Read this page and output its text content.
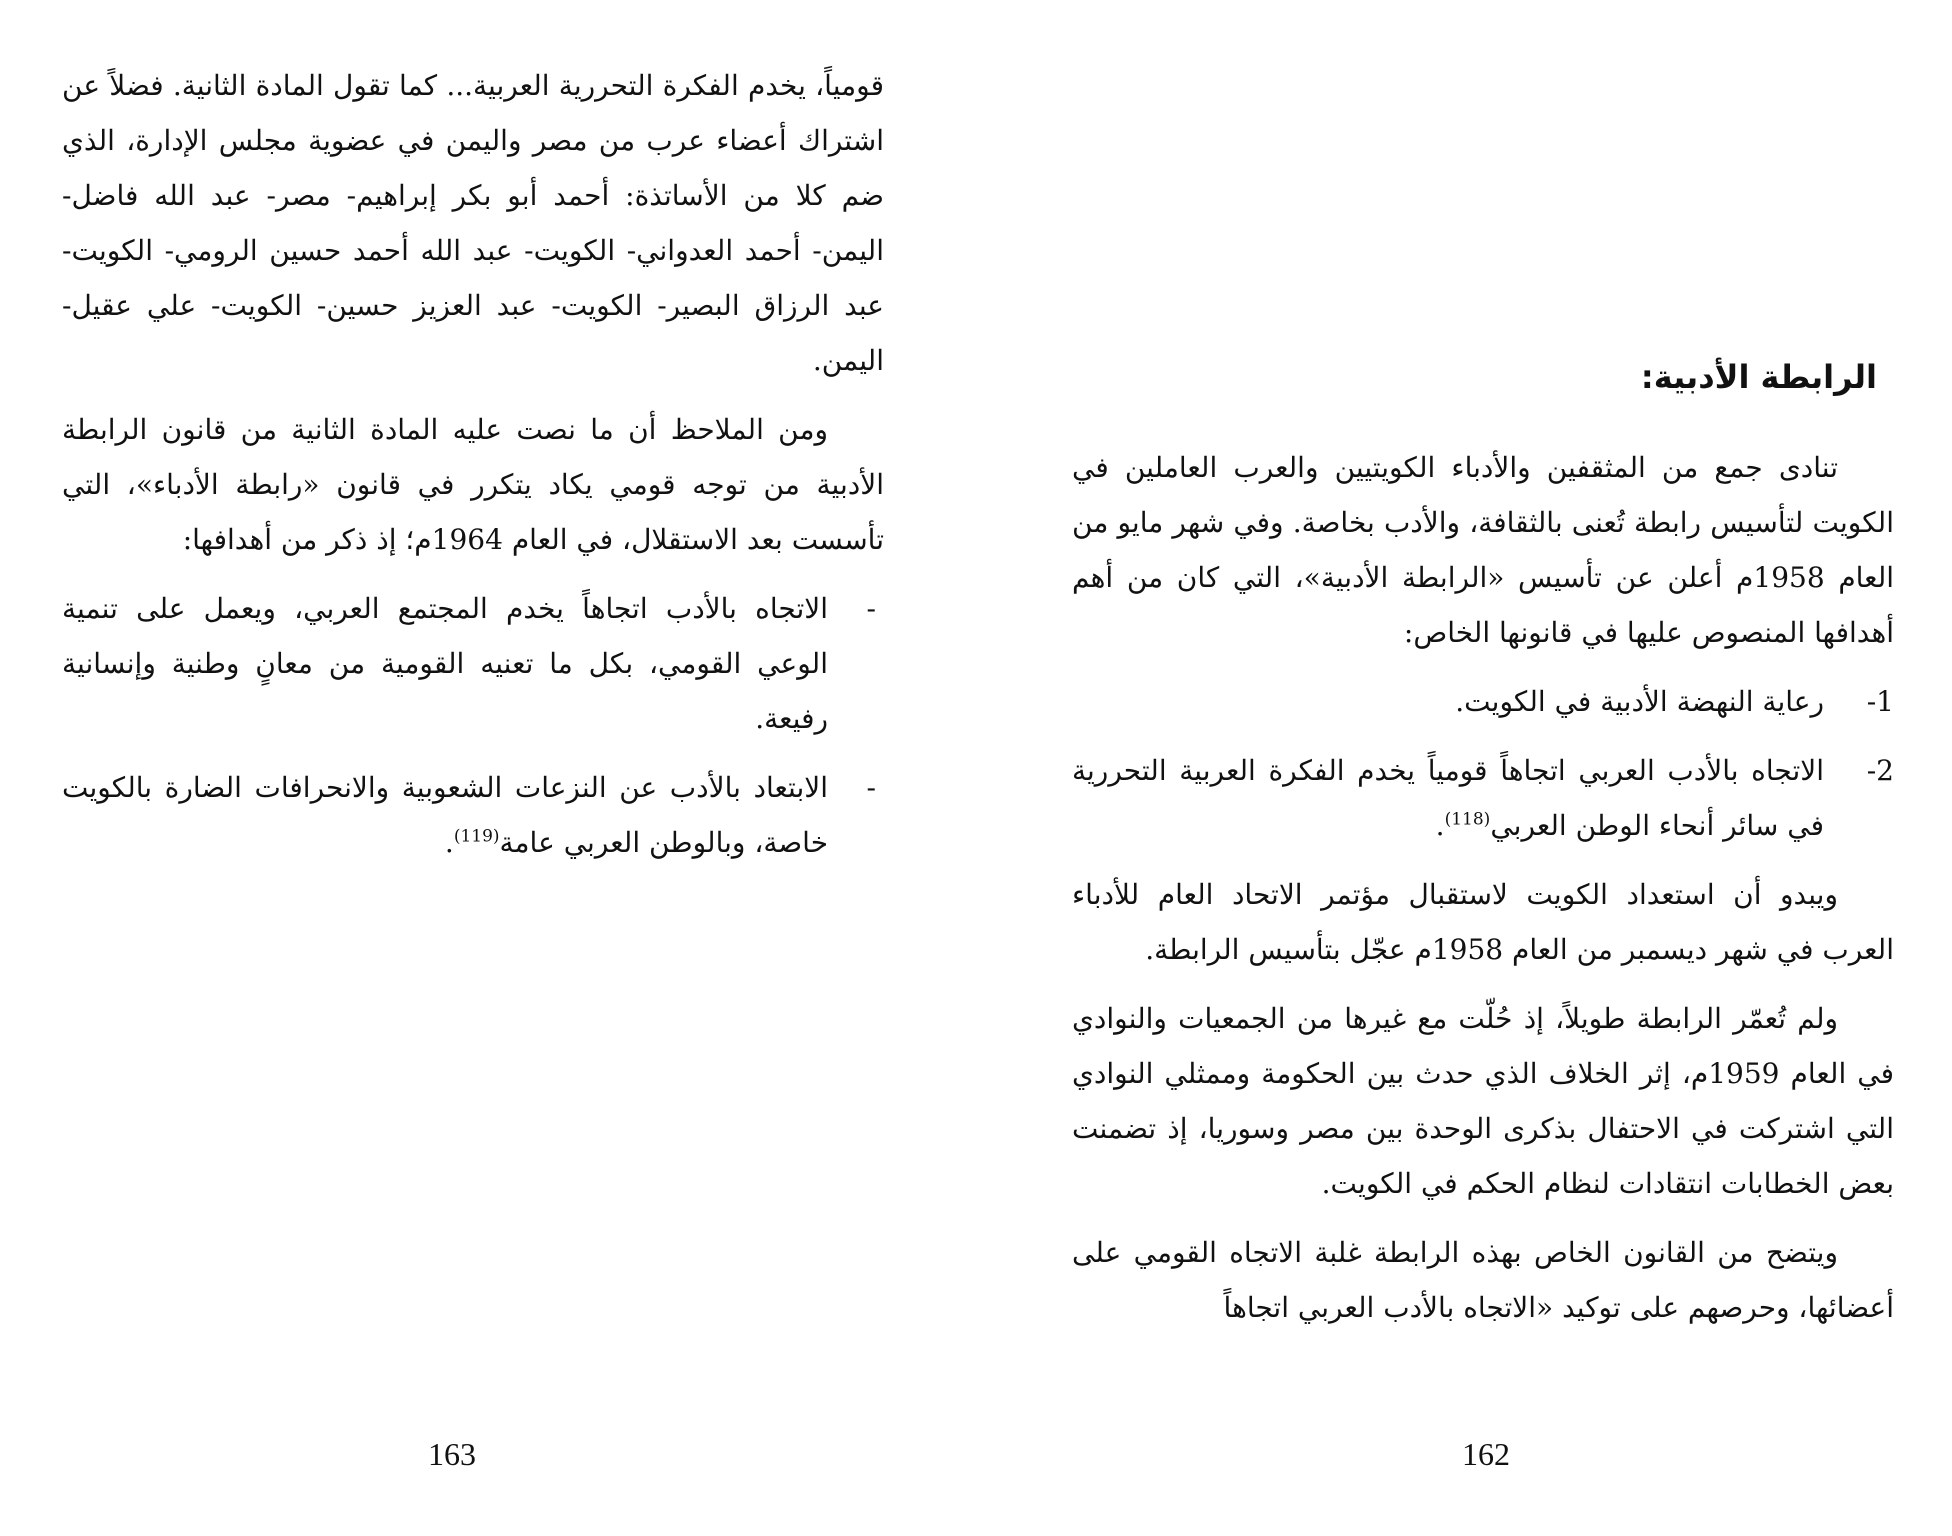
قومياً، يخدم الفكرة التحررية العربية... كما تقول المادة الثانية. فضلاً عن اشتراك أعضاء عرب من مصر واليمن في عضوية مجلس الإدارة، الذي ضم كلا من الأساتذة: أحمد أبو بكر إبراهيم- مصر- عبد الله فاضل- اليمن- أحمد العدواني- الكويت- عبد الله أحمد حسين الرومي- الكويت- عبد الرزاق البصير- الكويت- عبد العزيز حسين- الكويت- علي عقيل- اليمن.

ومن الملاحظ أن ما نصت عليه المادة الثانية من قانون الرابطة الأدبية من توجه قومي يكاد يتكرر في قانون «رابطة الأدباء»، التي تأسست بعد الاستقلال، في العام 1964م؛ إذ ذكر من أهدافها:

-الاتجاه بالأدب اتجاهاً يخدم المجتمع العربي، ويعمل على تنمية الوعي القومي، بكل ما تعنيه القومية من معانٍ وطنية وإنسانية رفيعة.

-الابتعاد بالأدب عن النزعات الشعوبية والانحرافات الضارة بالكويت خاصة، وبالوطن العربي عامة$^{(119)}$.

163
الرابطة الأدبية:

تنادى جمع من المثقفين والأدباء الكويتيين والعرب العاملين في الكويت لتأسيس رابطة تُعنى بالثقافة، والأدب بخاصة. وفي شهر مايو من العام 1958م أعلن عن تأسيس «الرابطة الأدبية»، التي كان من أهم أهدافها المنصوص عليها في قانونها الخاص:

1-رعاية النهضة الأدبية في الكويت.

2-الاتجاه بالأدب العربي اتجاهاً قومياً يخدم الفكرة العربية التحررية في سائر أنحاء الوطن العربي$^{(118)}$.

ويبدو أن استعداد الكويت لاستقبال مؤتمر الاتحاد العام للأدباء العرب في شهر ديسمبر من العام 1958م عجّل بتأسيس الرابطة.

ولم تُعمّر الرابطة طويلاً، إذ حُلّت مع غيرها من الجمعيات والنوادي في العام 1959م، إثر الخلاف الذي حدث بين الحكومة وممثلي النوادي التي اشتركت في الاحتفال بذكرى الوحدة بين مصر وسوريا، إذ تضمنت بعض الخطابات انتقادات لنظام الحكم في الكويت.

ويتضح من القانون الخاص بهذه الرابطة غلبة الاتجاه القومي على أعضائها، وحرصهم على توكيد «الاتجاه بالأدب العربي اتجاهاً

162
